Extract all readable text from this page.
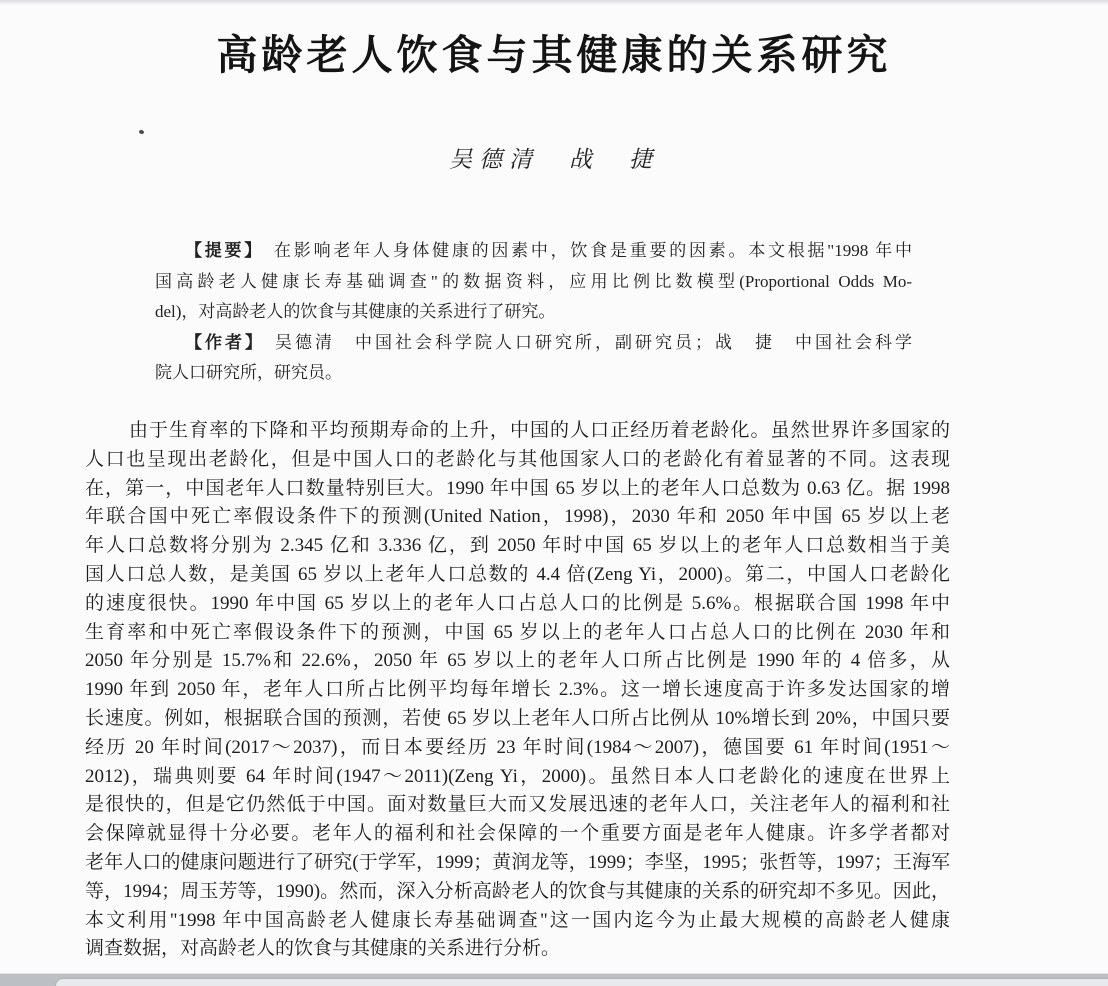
高龄老人饮食与其健康的关系研究
吴德清　战　捷
【提要】 在影响老年人身体健康的因素中，饮食是重要的因素。本文根据"1998 年中
国高龄老人健康长寿基础调查"的数据资料，应用比例比数模型(Proportional Odds Mo-
del)，对高龄老人的饮食与其健康的关系进行了研究。
【作者】 吴德清　中国社会科学院人口研究所，副研究员；战　捷　中国社会科学
院人口研究所，研究员。
由于生育率的下降和平均预期寿命的上升，中国的人口正经历着老龄化。虽然世界许多国家的
人口也呈现出老龄化，但是中国人口的老龄化与其他国家人口的老龄化有着显著的不同。这表现
在，第一，中国老年人口数量特别巨大。1990 年中国 65 岁以上的老年人口总数为 0.63 亿。据 1998
年联合国中死亡率假设条件下的预测(United Nation，1998)，2030 年和 2050 年中国 65 岁以上老
年人口总数将分别为 2.345 亿和 3.336 亿，到 2050 年时中国 65 岁以上的老年人口总数相当于美
国人口总人数，是美国 65 岁以上老年人口总数的 4.4 倍(Zeng Yi，2000)。第二，中国人口老龄化
的速度很快。1990 年中国 65 岁以上的老年人口占总人口的比例是 5.6%。根据联合国 1998 年中
生育率和中死亡率假设条件下的预测，中国 65 岁以上的老年人口占总人口的比例在 2030 年和
2050 年分别是 15.7%和 22.6%，2050 年 65 岁以上的老年人口所占比例是 1990 年的 4 倍多，从
1990 年到 2050 年，老年人口所占比例平均每年增长 2.3%。这一增长速度高于许多发达国家的增
长速度。例如，根据联合国的预测，若使 65 岁以上老年人口所占比例从 10%增长到 20%，中国只要
经历 20 年时间(2017～2037)，而日本要经历 23 年时间(1984～2007)，德国要 61 年时间(1951～
2012)，瑞典则要 64 年时间(1947～2011)(Zeng Yi，2000)。虽然日本人口老龄化的速度在世界上
是很快的，但是它仍然低于中国。面对数量巨大而又发展迅速的老年人口，关注老年人的福利和社
会保障就显得十分必要。老年人的福利和社会保障的一个重要方面是老年人健康。许多学者都对
老年人口的健康问题进行了研究(于学军，1999；黄润龙等，1999；李坚，1995；张哲等，1997；王海军
等，1994；周玉芳等，1990)。然而，深入分析高龄老人的饮食与其健康的关系的研究却不多见。因此，
本文利用"1998 年中国高龄老人健康长寿基础调查"这一国内迄今为止最大规模的高龄老人健康
调查数据，对高龄老人的饮食与其健康的关系进行分析。
